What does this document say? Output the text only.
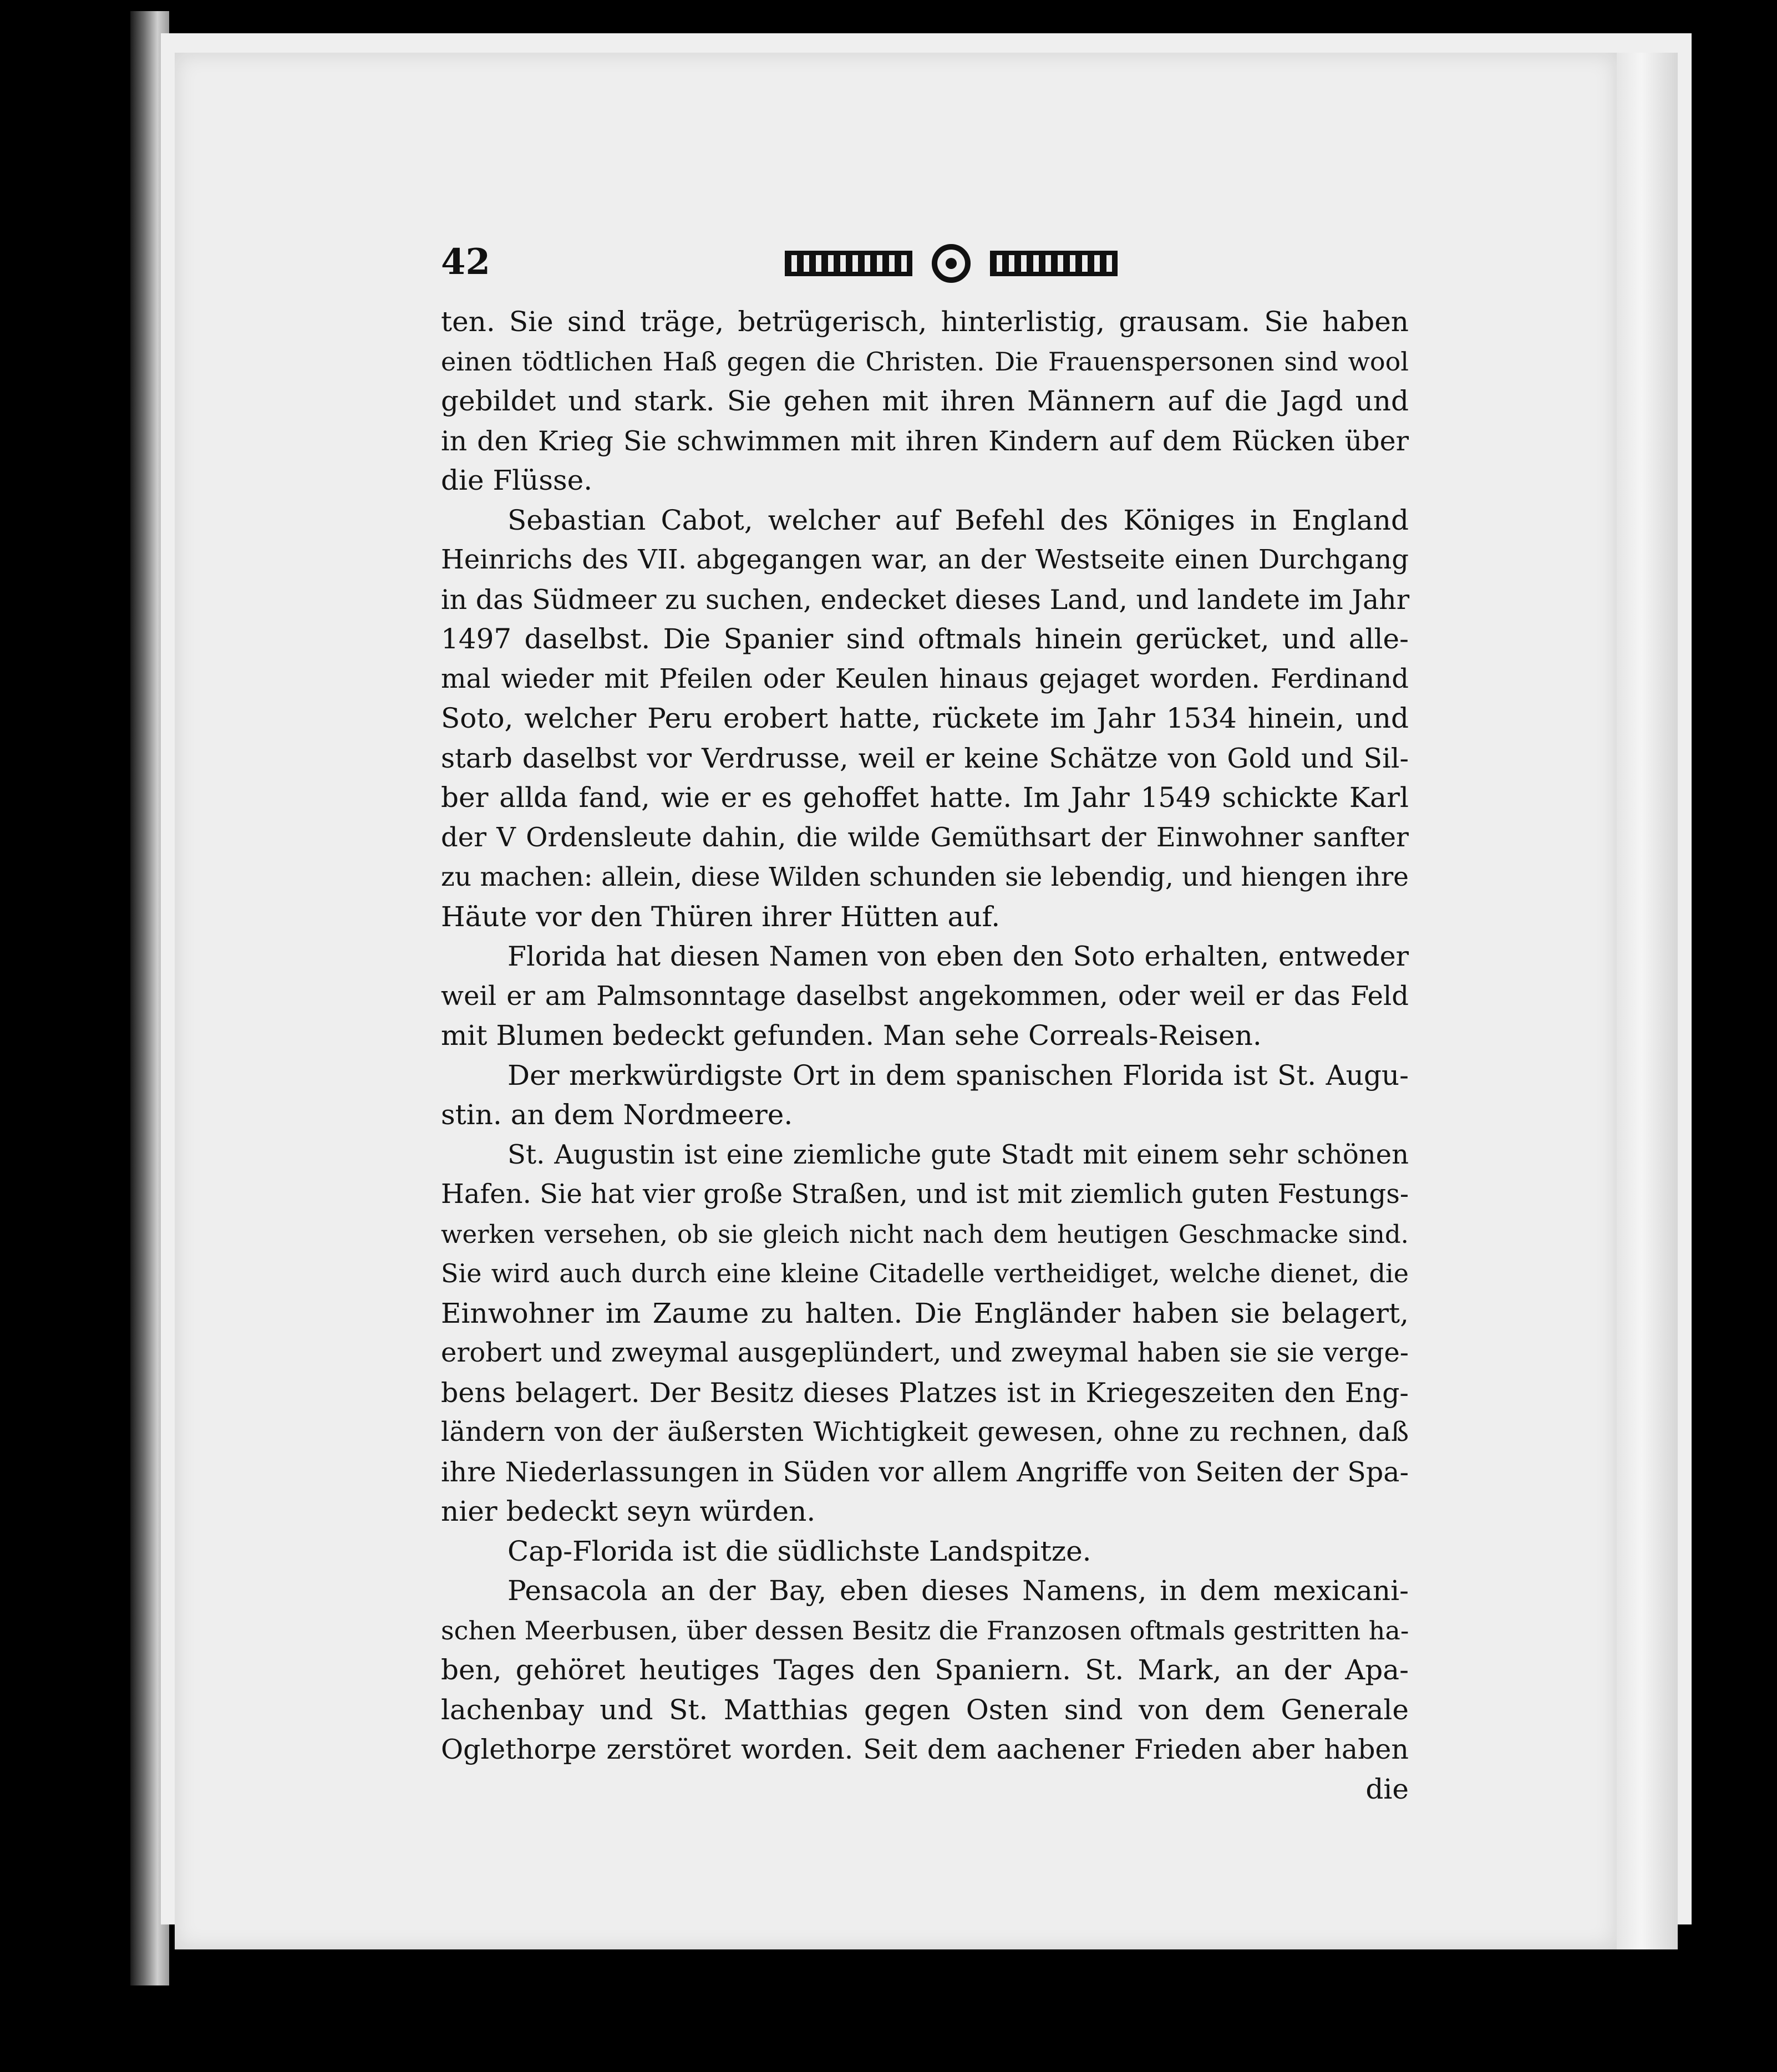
42
ten. Sie sind träge, betrügerisch, hinterlistig, grausam. Sie haben
einen tödtlichen Haß gegen die Christen. Die Frauenspersonen sind wool
gebildet und stark. Sie gehen mit ihren Männern auf die Jagd und
in den Krieg Sie schwimmen mit ihren Kindern auf dem Rücken über
die Flüsse.
Sebastian Cabot, welcher auf Befehl des Königes in England
Heinrichs des VII. abgegangen war, an der Westseite einen Durchgang
in das Südmeer zu suchen, endecket dieses Land, und landete im Jahr
1497 daselbst. Die Spanier sind oftmals hinein gerücket, und alle-
mal wieder mit Pfeilen oder Keulen hinaus gejaget worden. Ferdinand
Soto, welcher Peru erobert hatte, rückete im Jahr 1534 hinein, und
starb daselbst vor Verdrusse, weil er keine Schätze von Gold und Sil-
ber allda fand, wie er es gehoffet hatte. Im Jahr 1549 schickte Karl
der V Ordensleute dahin, die wilde Gemüthsart der Einwohner sanfter
zu machen: allein, diese Wilden schunden sie lebendig, und hiengen ihre
Häute vor den Thüren ihrer Hütten auf.
Florida hat diesen Namen von eben den Soto erhalten, entweder
weil er am Palmsonntage daselbst angekommen, oder weil er das Feld
mit Blumen bedeckt gefunden. Man sehe Correals-Reisen.
Der merkwürdigste Ort in dem spanischen Florida ist St. Augu-
stin. an dem Nordmeere.
St. Augustin ist eine ziemliche gute Stadt mit einem sehr schönen
Hafen. Sie hat vier große Straßen, und ist mit ziemlich guten Festungs-
werken versehen, ob sie gleich nicht nach dem heutigen Geschmacke sind.
Sie wird auch durch eine kleine Citadelle vertheidiget, welche dienet, die
Einwohner im Zaume zu halten. Die Engländer haben sie belagert,
erobert und zweymal ausgeplündert, und zweymal haben sie sie verge-
bens belagert. Der Besitz dieses Platzes ist in Kriegeszeiten den Eng-
ländern von der äußersten Wichtigkeit gewesen, ohne zu rechnen, daß
ihre Niederlassungen in Süden vor allem Angriffe von Seiten der Spa-
nier bedeckt seyn würden.
Cap-Florida ist die südlichste Landspitze.
Pensacola an der Bay, eben dieses Namens, in dem mexicani-
schen Meerbusen, über dessen Besitz die Franzosen oftmals gestritten ha-
ben, gehöret heutiges Tages den Spaniern. St. Mark, an der Apa-
lachenbay und St. Matthias gegen Osten sind von dem Generale
Oglethorpe zerstöret worden. Seit dem aachener Frieden aber haben
die
